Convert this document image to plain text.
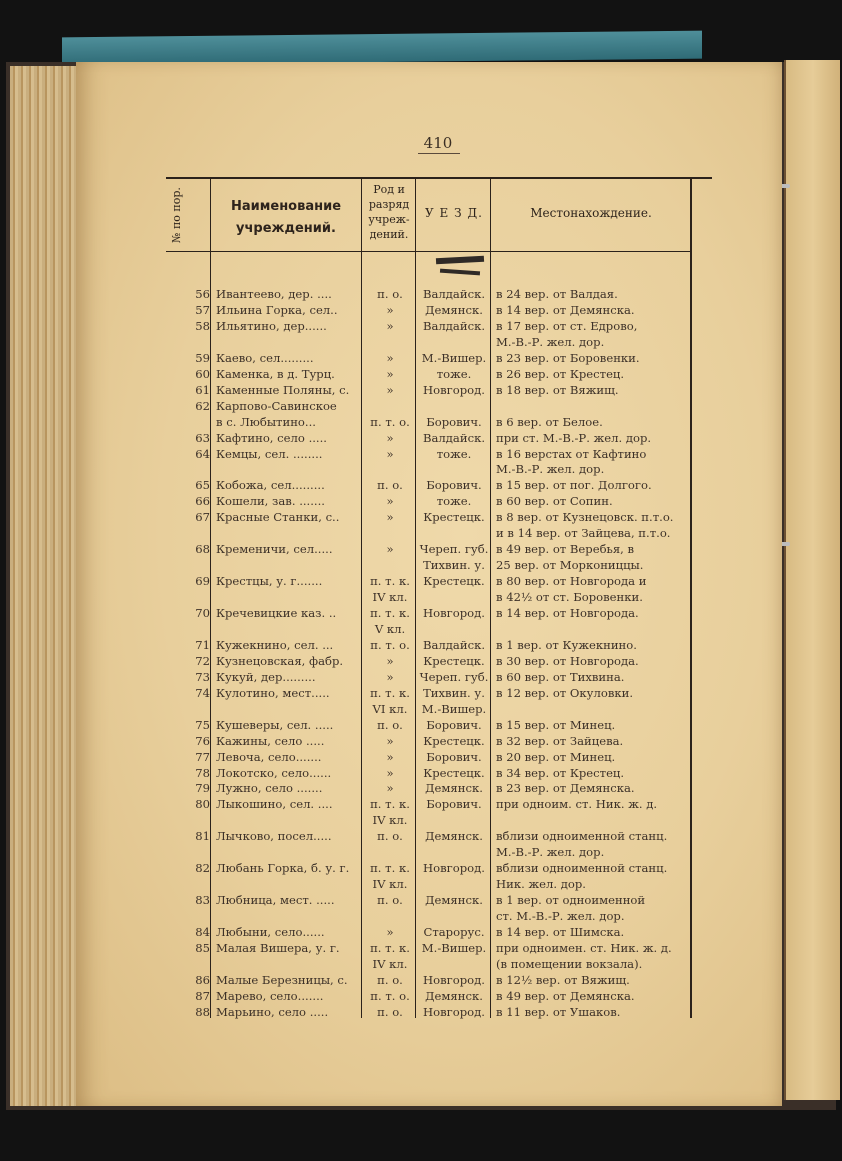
410
№ по пор.	Наименование
учреждений.
Род и
разряд
учреж-
дений.
У Е З Д.	Местонахождение.
56 Ивантеево, дер. ....	п. о.	Валдайск. в 24 вер. от Валдая.
57 Ильина Горка, сел..	»	Демянск.	в 14 вер. от Демянска.
58 Ильятино, дер......	»	Валдайск. в 17 вер. от ст. Едрово,
М.-В.-Р. жел. дор.
59 Каево, сел.........	»	М.-Вишер. в 23 вер. от Боровенки.
60 Каменка, в д. Турц.	»	тоже.	в 26 вер. от Крестец.
61 Каменные Поляны, с.	»	Новгород. в 18 вер. от Вяжищ.
62 Карпово-Савинское
в с. Любытино...	п. т. о.	Борович.	в 6 вер. от Белое.
63 Кафтино, село .....	»	Валдайск. при ст. М.-В.-Р. жел. дор.
64 Кемцы, сел. ........	»	тоже.	в 16 верстах от Кафтино
М.-В.-Р. жел. дор.
65 Кобожа, сел.........	п. о.	Борович.	в 15 вер. от пог. Долгого.
66 Кошели, зав. .......	»	тоже.	в 60 вер. от Сопин.
67 Красные Станки, с..	»	Крестецк. в 8 вер. от Кузнецовск. п.т.о.
и в 14 вер. от Зайцева, п.т.о.
68 Кременичи, сел.....	»	Череп. губ. в 49 вер. от Веребья, в
Тихвин. у. 25 вер. от Моркониццы.
69 Крестцы, у. г.......	п. т. к.	Крестецк. в 80 вер. от Новгорода и
IV кл.	в 42½ от ст. Боровенки.
70 Кречевицкие каз. ..	п. т. к.	Новгород. в 14 вер. от Новгорода.
V кл.
71 Кужекнино, сел. ...	п. т. о.	Валдайск. в 1 вер. от Кужекнино.
72 Кузнецовская, фабр.	»	Крестецк. в 30 вер. от Новгорода.
73 Кукуй, дер.........	»	Череп. губ. в 60 вер. от Тихвина.
74 Кулотино, мест.....	п. т. к.	Тихвин. у. в 12 вер. от Окуловки.
VI кл.	М.-Вишер.
75 Кушеверы, сел. .....	п. о.	Борович.	в 15 вер. от Минец.
76 Кажины, село .....	»	Крестецк. в 32 вер. от Зайцева.
77 Левоча, село.......	»	Борович.	в 20 вер. от Минец.
78 Локотско, село......	»	Крестецк. в 34 вер. от Крестец.
79 Лужно, село .......	»	Демянск.	в 23 вер. от Демянска.
80 Лыкошино, сел. ....	п. т. к.	Борович.	при одноим. ст. Ник. ж. д.
IV кл.
81 Лычково, посел.....	п. о.	Демянск.	вблизи одноименной станц.
М.-В.-Р. жел. дор.
82 Любань Горка, б. у. г.	п. т. к.	Новгород. вблизи одноименной станц.
IV кл.	Ник. жел. дор.
83 Любница, мест. .....	п. о.	Демянск.	в 1 вер. от одноименной
ст. М.-В.-Р. жел. дор.
84 Любыни, село......	»	Старорус. в 14 вер. от Шимска.
85 Малая Вишера, у. г.	п. т. к.	М.-Вишер. при одноимен. ст. Ник. ж. д.
IV кл.	(в помещении вокзала).
86 Малые Березницы, с.	п. о.	Новгород. в 12½ вер. от Вяжищ.
87 Марево, село.......	п. т. о.	Демянск.	в 49 вер. от Демянска.
88 Марьино, село .....	п. о.	Новгород. в 11 вер. от Ушаков.
